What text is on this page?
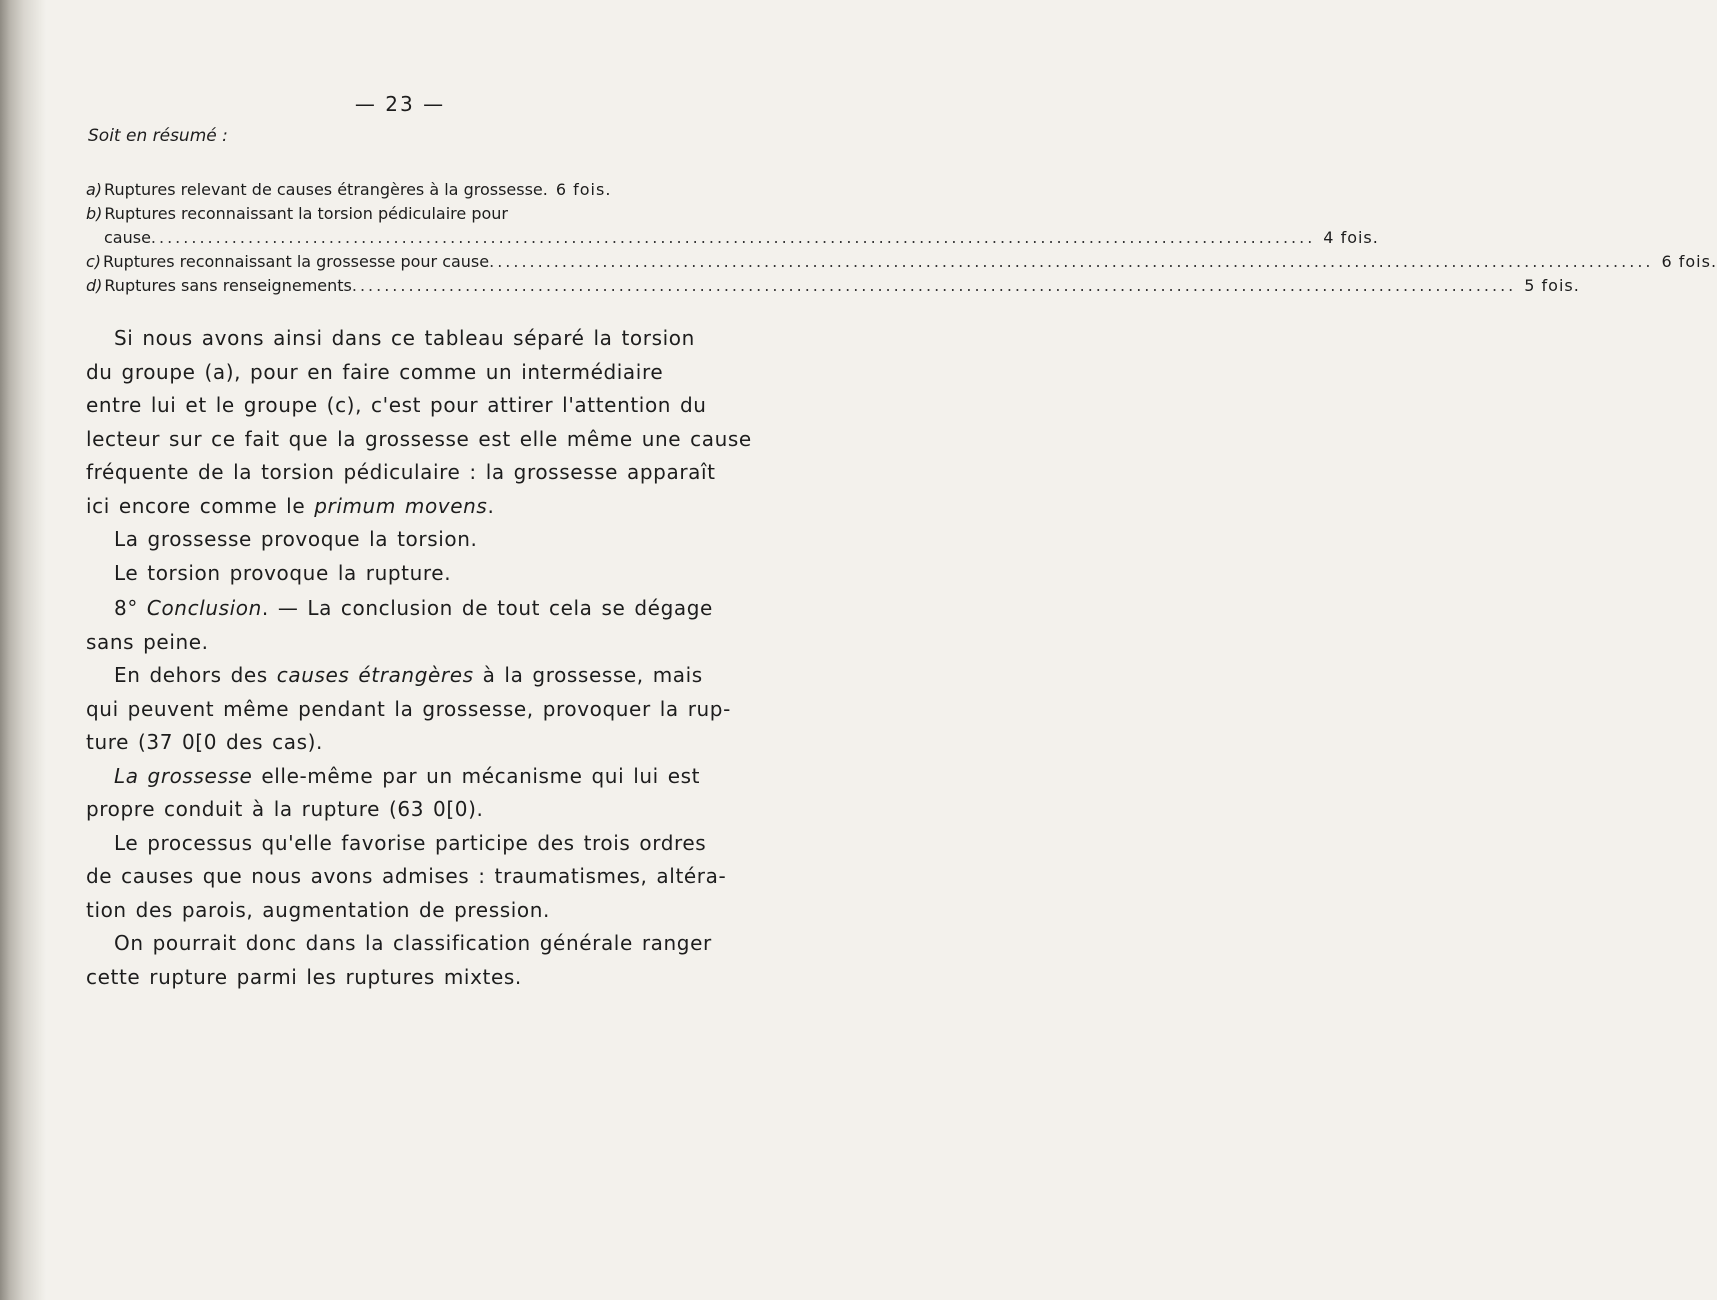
— 23 —
Soit en résumé :
a) Ruptures relevant de causes étrangères à la grossesse. 6 fois.
b) Ruptures reconnaissant la torsion pédiculaire pour
cause .....	4 fois.
c) Ruptures reconnaissant la grossesse pour cause .....	6 fois.
d) Ruptures sans renseignements .....	5 fois.
Si nous avons ainsi dans ce tableau séparé la torsion
du groupe (a), pour en faire comme un intermédiaire
entre lui et le groupe (c), c'est pour attirer l'attention du
lecteur sur ce fait que la grossesse est elle même une cause
fréquente de la torsion pédiculaire : la grossesse apparaît
ici encore comme le primum movens.
La grossesse provoque la torsion.
Le torsion provoque la rupture.
8° Conclusion. — La conclusion de tout cela se dégage
sans peine.
En dehors des causes étrangères à la grossesse, mais
qui peuvent même pendant la grossesse, provoquer la rup-
ture (37 0[0 des cas).
La grossesse elle-même par un mécanisme qui lui est
propre conduit à la rupture (63 0[0).
Le processus qu'elle favorise participe des trois ordres
de causes que nous avons admises : traumatismes, altéra-
tion des parois, augmentation de pression.
On pourrait donc dans la classification générale ranger
cette rupture parmi les ruptures mixtes.
